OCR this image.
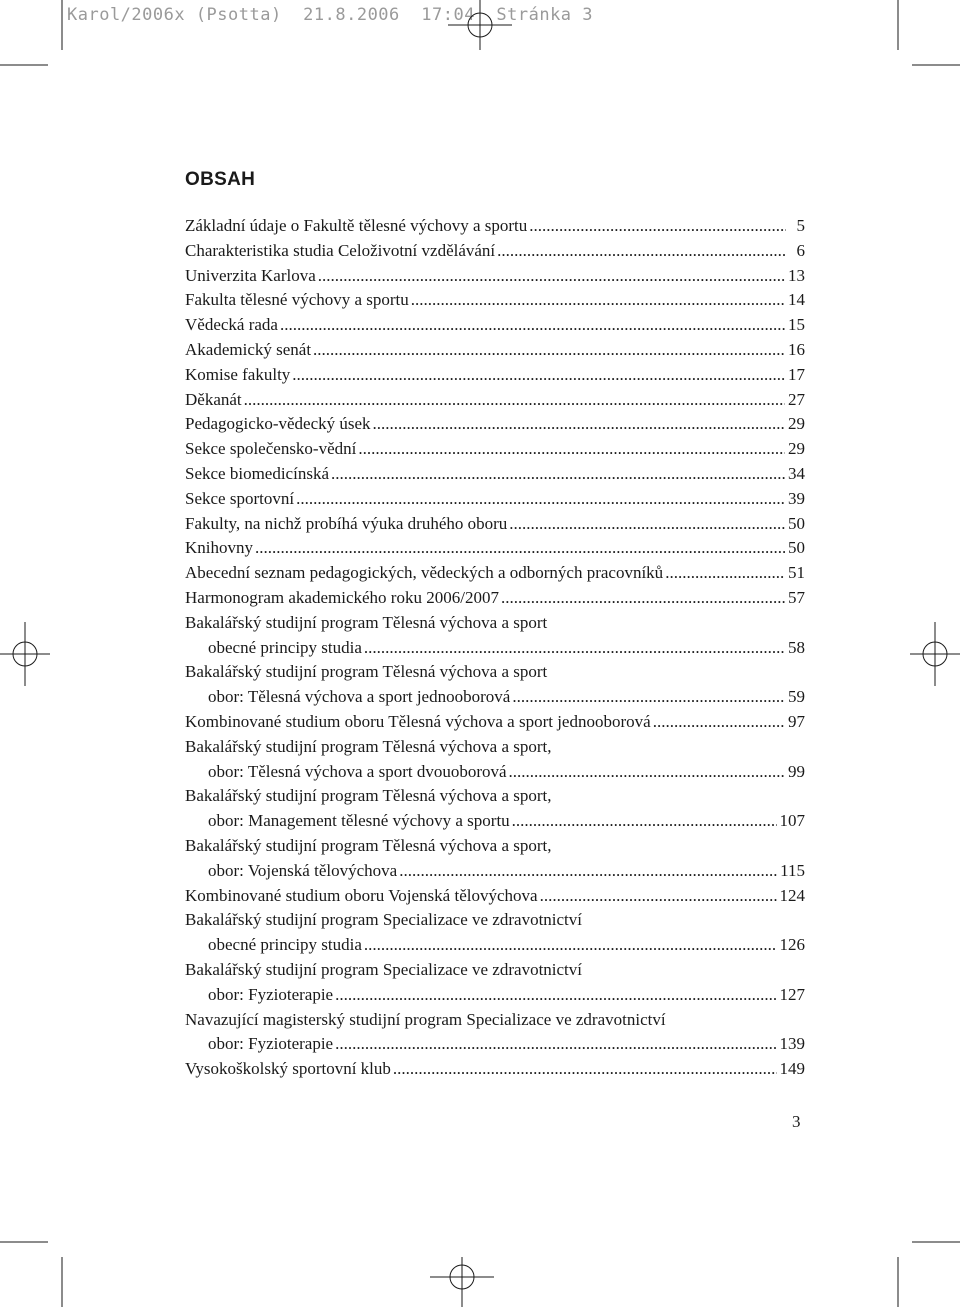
Karol/2006x (Psotta)  21.8.2006  17:04  Stránka 3
OBSAH
Základní údaje o Fakultě tělesné výchovy a sportu .....	5
Charakteristika studia Celoživotní vzdělávání .....	6
Univerzita Karlova .....	13
Fakulta tělesné výchovy a sportu .....	14
Vědecká rada .....	15
Akademický senát .....	16
Komise fakulty .....	17
Děkanát .....	27
Pedagogicko-vědecký úsek .....	29
Sekce společensko-vědní .....	29
Sekce biomedicínská .....	34
Sekce sportovní .....	39
Fakulty, na nichž probíhá výuka druhého oboru .....	50
Knihovny .....	50
Abecední seznam pedagogických, vědeckých a odborných pracovníků .....	51
Harmonogram akademického roku 2006/2007 .....	57
Bakalářský studijní program Tělesná výchova a sport
obecné principy studia .....	58
Bakalářský studijní program Tělesná výchova a sport
obor: Tělesná výchova a sport jednooborová .....	59
Kombinované studium oboru Tělesná výchova a sport jednooborová .....	97
Bakalářský studijní program Tělesná výchova a sport,
obor: Tělesná výchova a sport dvouoborová .....	99
Bakalářský studijní program Tělesná výchova a sport,
obor: Management tělesné výchovy a sportu .....	107
Bakalářský studijní program Tělesná výchova a sport,
obor: Vojenská tělovýchova .....	115
Kombinované studium oboru Vojenská tělovýchova .....	124
Bakalářský studijní program Specializace ve zdravotnictví
obecné principy studia .....	126
Bakalářský studijní program Specializace ve zdravotnictví
obor: Fyzioterapie .....	127
Navazující magisterský studijní program Specializace ve zdravotnictví
obor: Fyzioterapie .....	139
Vysokoškolský sportovní klub .....	149
3
